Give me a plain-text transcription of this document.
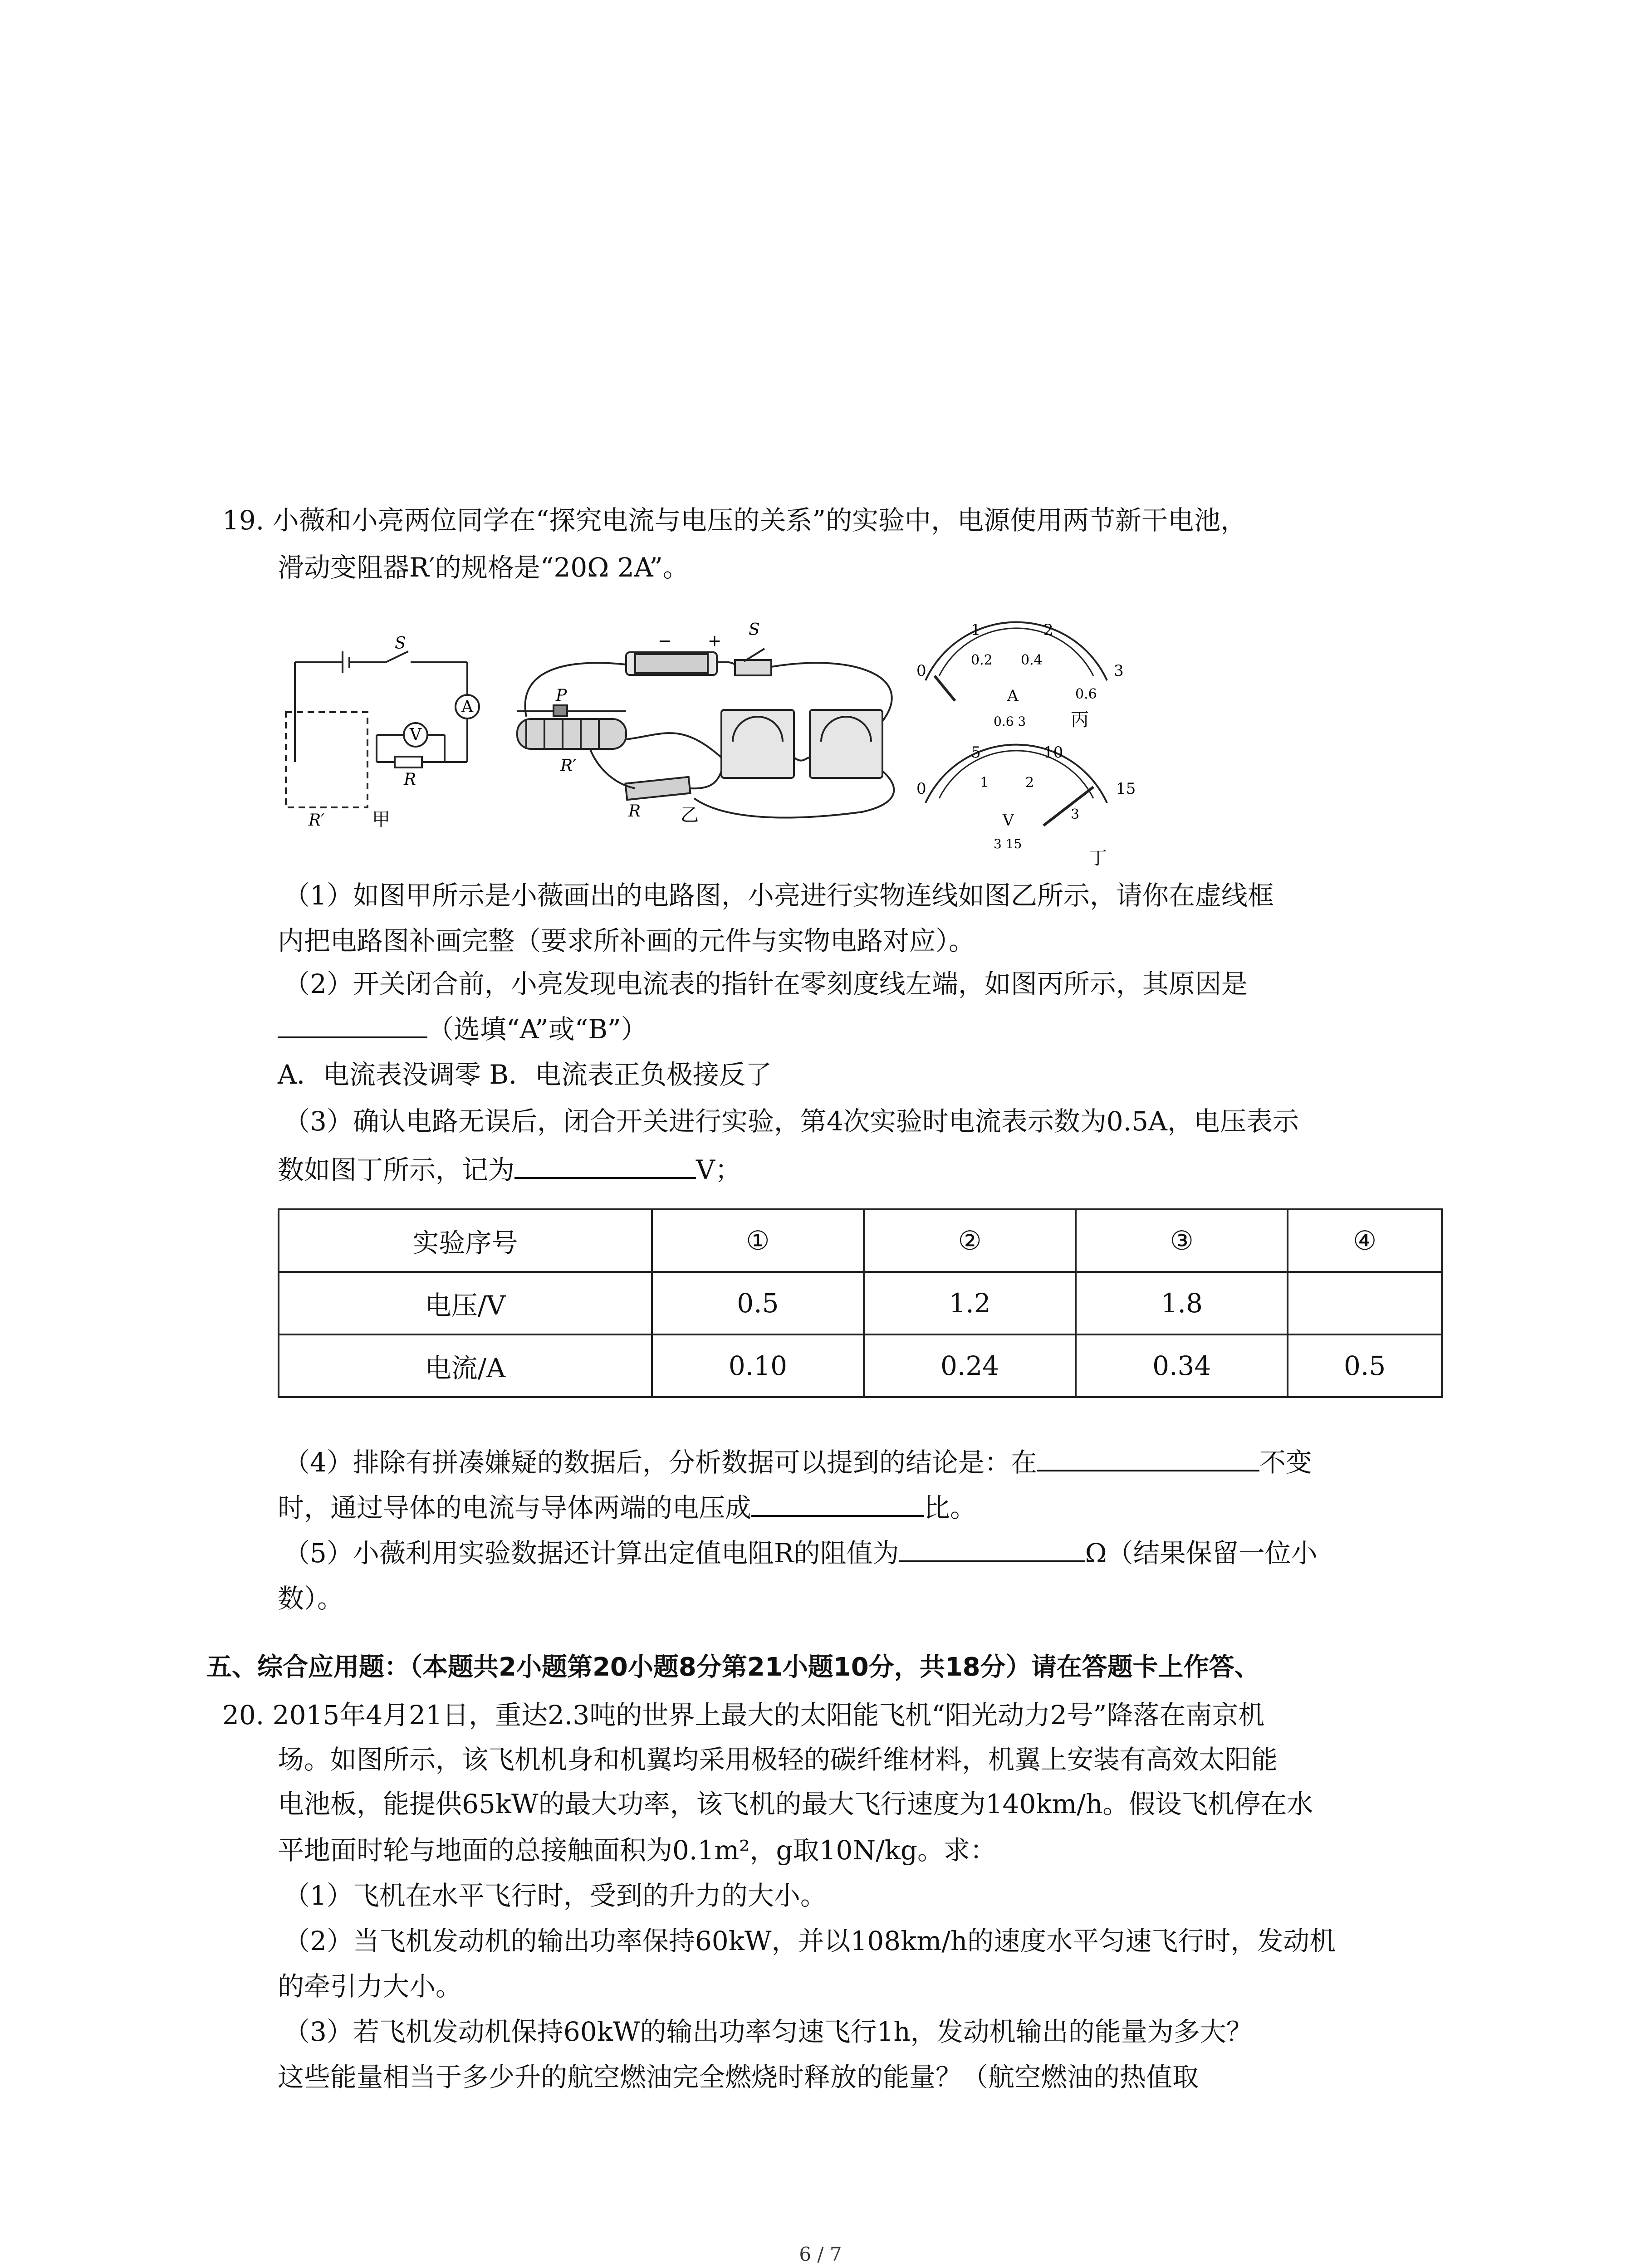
19. 小薇和小亮两位同学在“探究电流与电压的关系”的实验中，电源使用两节新干电池，
滑动变阻器R′的规格是“20Ω 2A”。
A
V
S
R
R′	甲
− +
S
P
R′
R 乙
0
1	2
3
0.2 0.4
0.6
A
0.6 3 丙
0
5	10
15
1	2
3
V
3 15
丁
（1）如图甲所示是小薇画出的电路图，小亮进行实物连线如图乙所示，请你在虚线框
内把电路图补画完整（要求所补画的元件与实物电路对应）。
（2）开关闭合前，小亮发现电流表的指针在零刻度线左端，如图丙所示，其原因是
（选填“A”或“B”）
A．电流表没调零 B．电流表正负极接反了
（3）确认电路无误后，闭合开关进行实验，第4次实验时电流表示数为0.5A，电压表示
数如图丁所示，记为	V；
实验序号	①	②	③	④
电压/V	0.5	1.2	1.8	
电流/A	0.10	0.24	0.34	0.5
（4）排除有拼凑嫌疑的数据后，分析数据可以提到的结论是：在	不变
时，通过导体的电流与导体两端的电压成	比。
（5）小薇利用实验数据还计算出定值电阻R的阻值为	Ω（结果保留一位小
数）。
五、综合应用题：（本题共2小题第20小题8分第21小题10分，共18分）请在答题卡上作答、
20. 2015年4月21日，重达2.3吨的世界上最大的太阳能飞机“阳光动力2号”降落在南京机
场。如图所示，该飞机机身和机翼均采用极轻的碳纤维材料，机翼上安装有高效太阳能
电池板，能提供65kW的最大功率，该飞机的最大飞行速度为140km/h。假设飞机停在水
平地面时轮与地面的总接触面积为0.1m²，g取10N/kg。求：
（1）飞机在水平飞行时，受到的升力的大小。
（2）当飞机发动机的输出功率保持60kW，并以108km/h的速度水平匀速飞行时，发动机
的牵引力大小。
（3）若飞机发动机保持60kW的输出功率匀速飞行1h，发动机输出的能量为多大？
这些能量相当于多少升的航空燃油完全燃烧时释放的能量？（航空燃油的热值取
6 / 7
